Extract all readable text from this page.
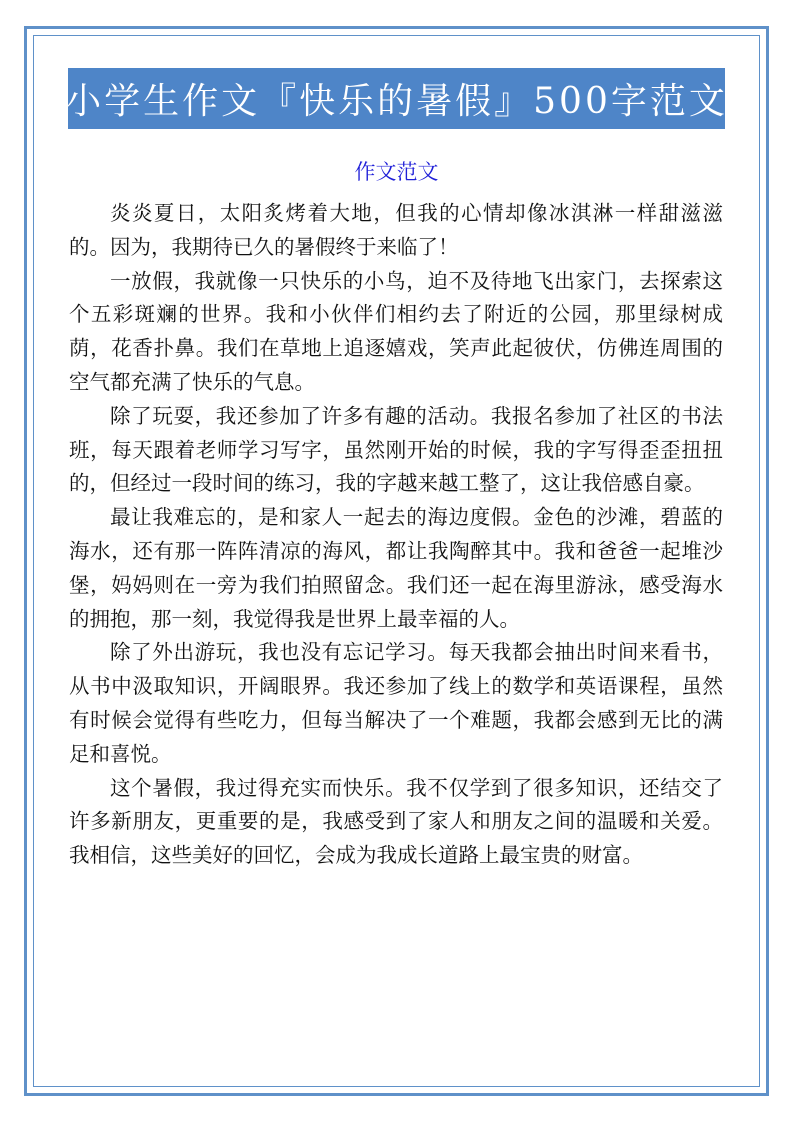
小学生作文『快乐的暑假』500字范文
作文范文

炎炎夏日，太阳炙烤着大地，但我的心情却像冰淇淋一样甜滋滋的。因为，我期待已久的暑假终于来临了！

一放假，我就像一只快乐的小鸟，迫不及待地飞出家门，去探索这个五彩斑斓的世界。我和小伙伴们相约去了附近的公园，那里绿树成荫，花香扑鼻。我们在草地上追逐嬉戏，笑声此起彼伏，仿佛连周围的空气都充满了快乐的气息。

除了玩耍，我还参加了许多有趣的活动。我报名参加了社区的书法班，每天跟着老师学习写字，虽然刚开始的时候，我的字写得歪歪扭扭的，但经过一段时间的练习，我的字越来越工整了，这让我倍感自豪。

最让我难忘的，是和家人一起去的海边度假。金色的沙滩，碧蓝的海水，还有那一阵阵清凉的海风，都让我陶醉其中。我和爸爸一起堆沙堡，妈妈则在一旁为我们拍照留念。我们还一起在海里游泳，感受海水的拥抱，那一刻，我觉得我是世界上最幸福的人。

除了外出游玩，我也没有忘记学习。每天我都会抽出时间来看书，从书中汲取知识，开阔眼界。我还参加了线上的数学和英语课程，虽然有时候会觉得有些吃力，但每当解决了一个难题，我都会感到无比的满足和喜悦。

这个暑假，我过得充实而快乐。我不仅学到了很多知识，还结交了许多新朋友，更重要的是，我感受到了家人和朋友之间的温暖和关爱。我相信，这些美好的回忆，会成为我成长道路上最宝贵的财富。
